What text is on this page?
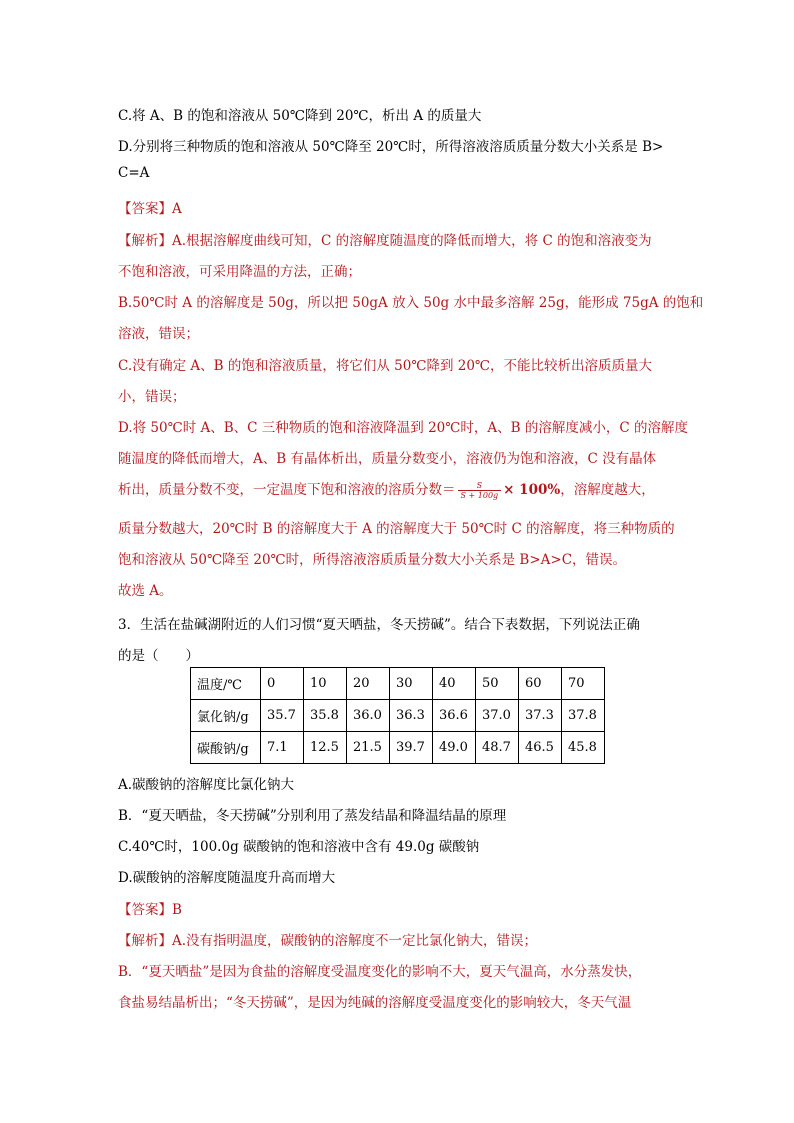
C.将 A、B 的饱和溶液从 50℃降到 20℃，析出 A 的质量大
D.分别将三种物质的饱和溶液从 50℃降至 20℃时，所得溶液溶质质量分数大小关系是 B>
C=A
【答案】A
【解析】A.根据溶解度曲线可知，C 的溶解度随温度的降低而增大，将 C 的饱和溶液变为
不饱和溶液，可采用降温的方法，正确；
B.50℃时 A 的溶解度是 50g，所以把 50gA 放入 50g 水中最多溶解 25g，能形成 75gA 的饱和
溶液，错误；
C.没有确定 A、B 的饱和溶液质量，将它们从 50℃降到 20℃，不能比较析出溶质质量大
小，错误；
D.将 50℃时 A、B、C 三种物质的饱和溶液降温到 20℃时，A、B 的溶解度减小，C 的溶解度
随温度的降低而增大，A、B 有晶体析出，质量分数变小，溶液仍为饱和溶液，C 没有晶体
析出，质量分数不变，一定温度下饱和溶液的溶质分数＝ $\frac{S}{S + 100g} \times 100\%$，溶解度越大，
质量分数越大，20℃时 B 的溶解度大于 A 的溶解度大于 50℃时 C 的溶解度，将三种物质的
饱和溶液从 50℃降至 20℃时，所得溶液溶质质量分数大小关系是 B>A>C，错误。
故选 A。
3．生活在盐碱湖附近的人们习惯“夏天晒盐，冬天捞碱”。结合下表数据，下列说法正确
的是（　　）
温度/℃	0	10	20	30	40	50	60	70
氯化钠/g	35.7	35.8	36.0	36.3	36.6	37.0	37.3	37.8
碳酸钠/g	7.1	12.5	21.5	39.7	49.0	48.7	46.5	45.8
A.碳酸钠的溶解度比氯化钠大
B．“夏天晒盐，冬天捞碱”分别利用了蒸发结晶和降温结晶的原理
C.40℃时，100.0g 碳酸钠的饱和溶液中含有 49.0g 碳酸钠
D.碳酸钠的溶解度随温度升高而增大
【答案】B
【解析】A.没有指明温度，碳酸钠的溶解度不一定比氯化钠大，错误；
B．“夏天晒盐”是因为食盐的溶解度受温度变化的影响不大，夏天气温高，水分蒸发快，
食盐易结晶析出；“冬天捞碱”，是因为纯碱的溶解度受温度变化的影响较大，冬天气温
